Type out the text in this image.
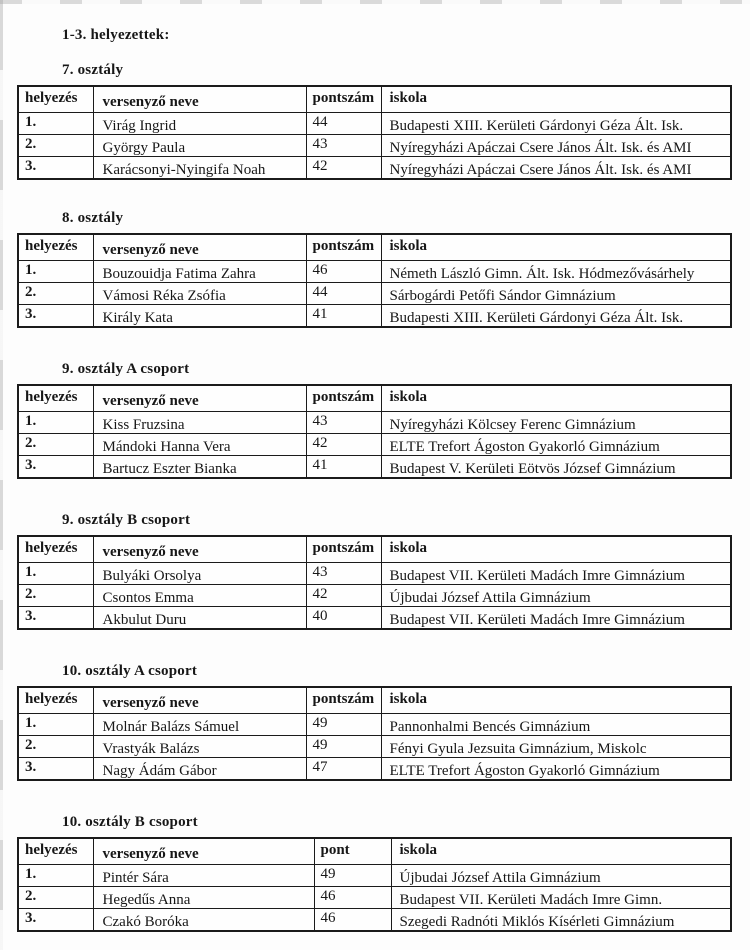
1-3. helyezettek:
7. osztály
helyezés	versenyző neve	pontszám	iskola
1.	Virág Ingrid	44	Budapesti XIII. Kerületi Gárdonyi Géza Ált. Isk.
2.	György Paula	43	Nyíregyházi Apáczai Csere János Ált. Isk. és AMI
3.	Karácsonyi-Nyingifa Noah	42	Nyíregyházi Apáczai Csere János Ált. Isk. és AMI
8. osztály
helyezés	versenyző neve	pontszám	iskola
1.	Bouzouidja Fatima Zahra	46	Németh László Gimn. Ált. Isk. Hódmezővásárhely
2.	Vámosi Réka Zsófia	44	Sárbogárdi Petőfi Sándor Gimnázium
3.	Király Kata	41	Budapesti XIII. Kerületi Gárdonyi Géza Ált. Isk.
9. osztály A csoport
helyezés	versenyző neve	pontszám	iskola
1.	Kiss Fruzsina	43	Nyíregyházi Kölcsey Ferenc Gimnázium
2.	Mándoki Hanna Vera	42	ELTE Trefort Ágoston Gyakorló Gimnázium
3.	Bartucz Eszter Bianka	41	Budapest V. Kerületi Eötvös József Gimnázium
9. osztály B csoport
helyezés	versenyző neve	pontszám	iskola
1.	Bulyáki Orsolya	43	Budapest VII. Kerületi Madách Imre Gimnázium
2.	Csontos Emma	42	Újbudai József Attila Gimnázium
3.	Akbulut Duru	40	Budapest VII. Kerületi Madách Imre Gimnázium
10. osztály A csoport
helyezés	versenyző neve	pontszám	iskola
1.	Molnár Balázs Sámuel	49	Pannonhalmi Bencés Gimnázium
2.	Vrastyák Balázs	49	Fényi Gyula Jezsuita Gimnázium, Miskolc
3.	Nagy Ádám Gábor	47	ELTE Trefort Ágoston Gyakorló Gimnázium
10. osztály B csoport
helyezés	versenyző neve	pont	iskola
1.	Pintér Sára	49	Újbudai József Attila Gimnázium
2.	Hegedűs Anna	46	Budapest VII. Kerületi Madách Imre Gimn.
3.	Czakó Boróka	46	Szegedi Radnóti Miklós Kísérleti Gimnázium
